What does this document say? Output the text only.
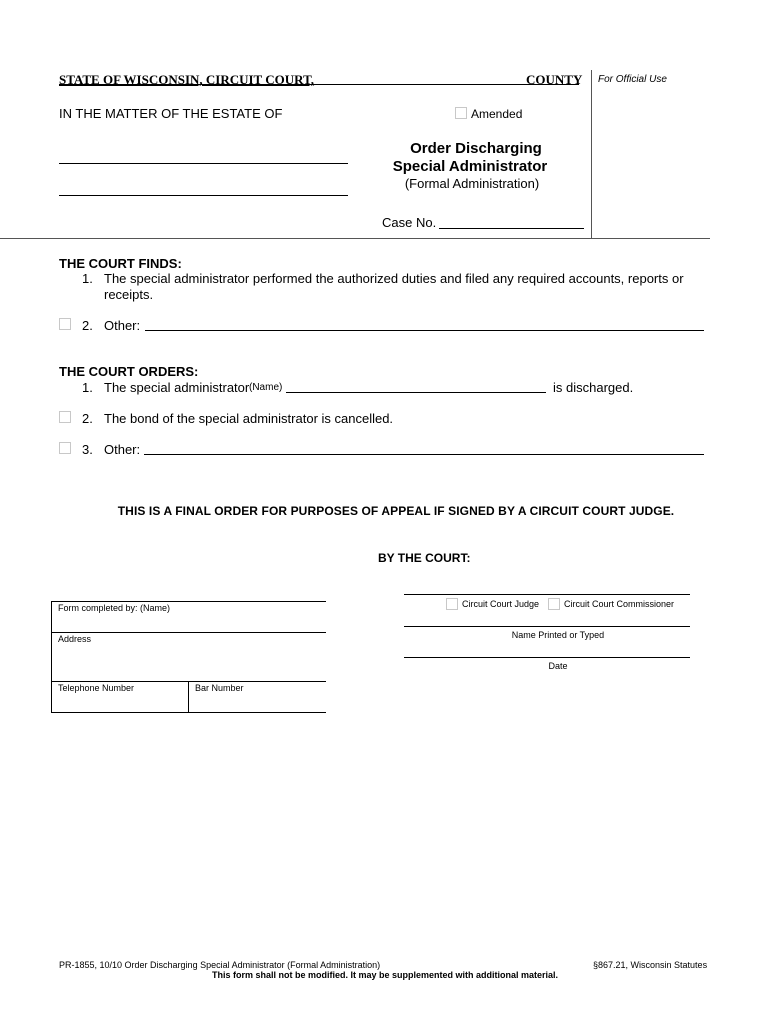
STATE OF WISCONSIN, CIRCUIT COURT,	COUNTY For Official Use
IN THE MATTER OF THE ESTATE OF	Amended
Order Discharging
Special Administrator
(Formal Administration)
Case No.
THE COURT FINDS:
1. The special administrator performed the authorized duties and filed any required accounts, reports or receipts.
2. Other:
THE COURT ORDERS:
1. The special administrator (Name)	is discharged.
2. The bond of the special administrator is cancelled.
3. Other:
THIS IS A FINAL ORDER FOR PURPOSES OF APPEAL IF SIGNED BY A CIRCUIT COURT JUDGE.
BY THE COURT:
Circuit Court Judge	Circuit Court Commissioner
Name Printed or Typed
Date
Form completed by: (Name)
Address
Telephone Number	Bar Number
PR-1855, 10/10 Order Discharging Special Administrator (Formal Administration)	§867.21, Wisconsin Statutes
This form shall not be modified. It may be supplemented with additional material.
